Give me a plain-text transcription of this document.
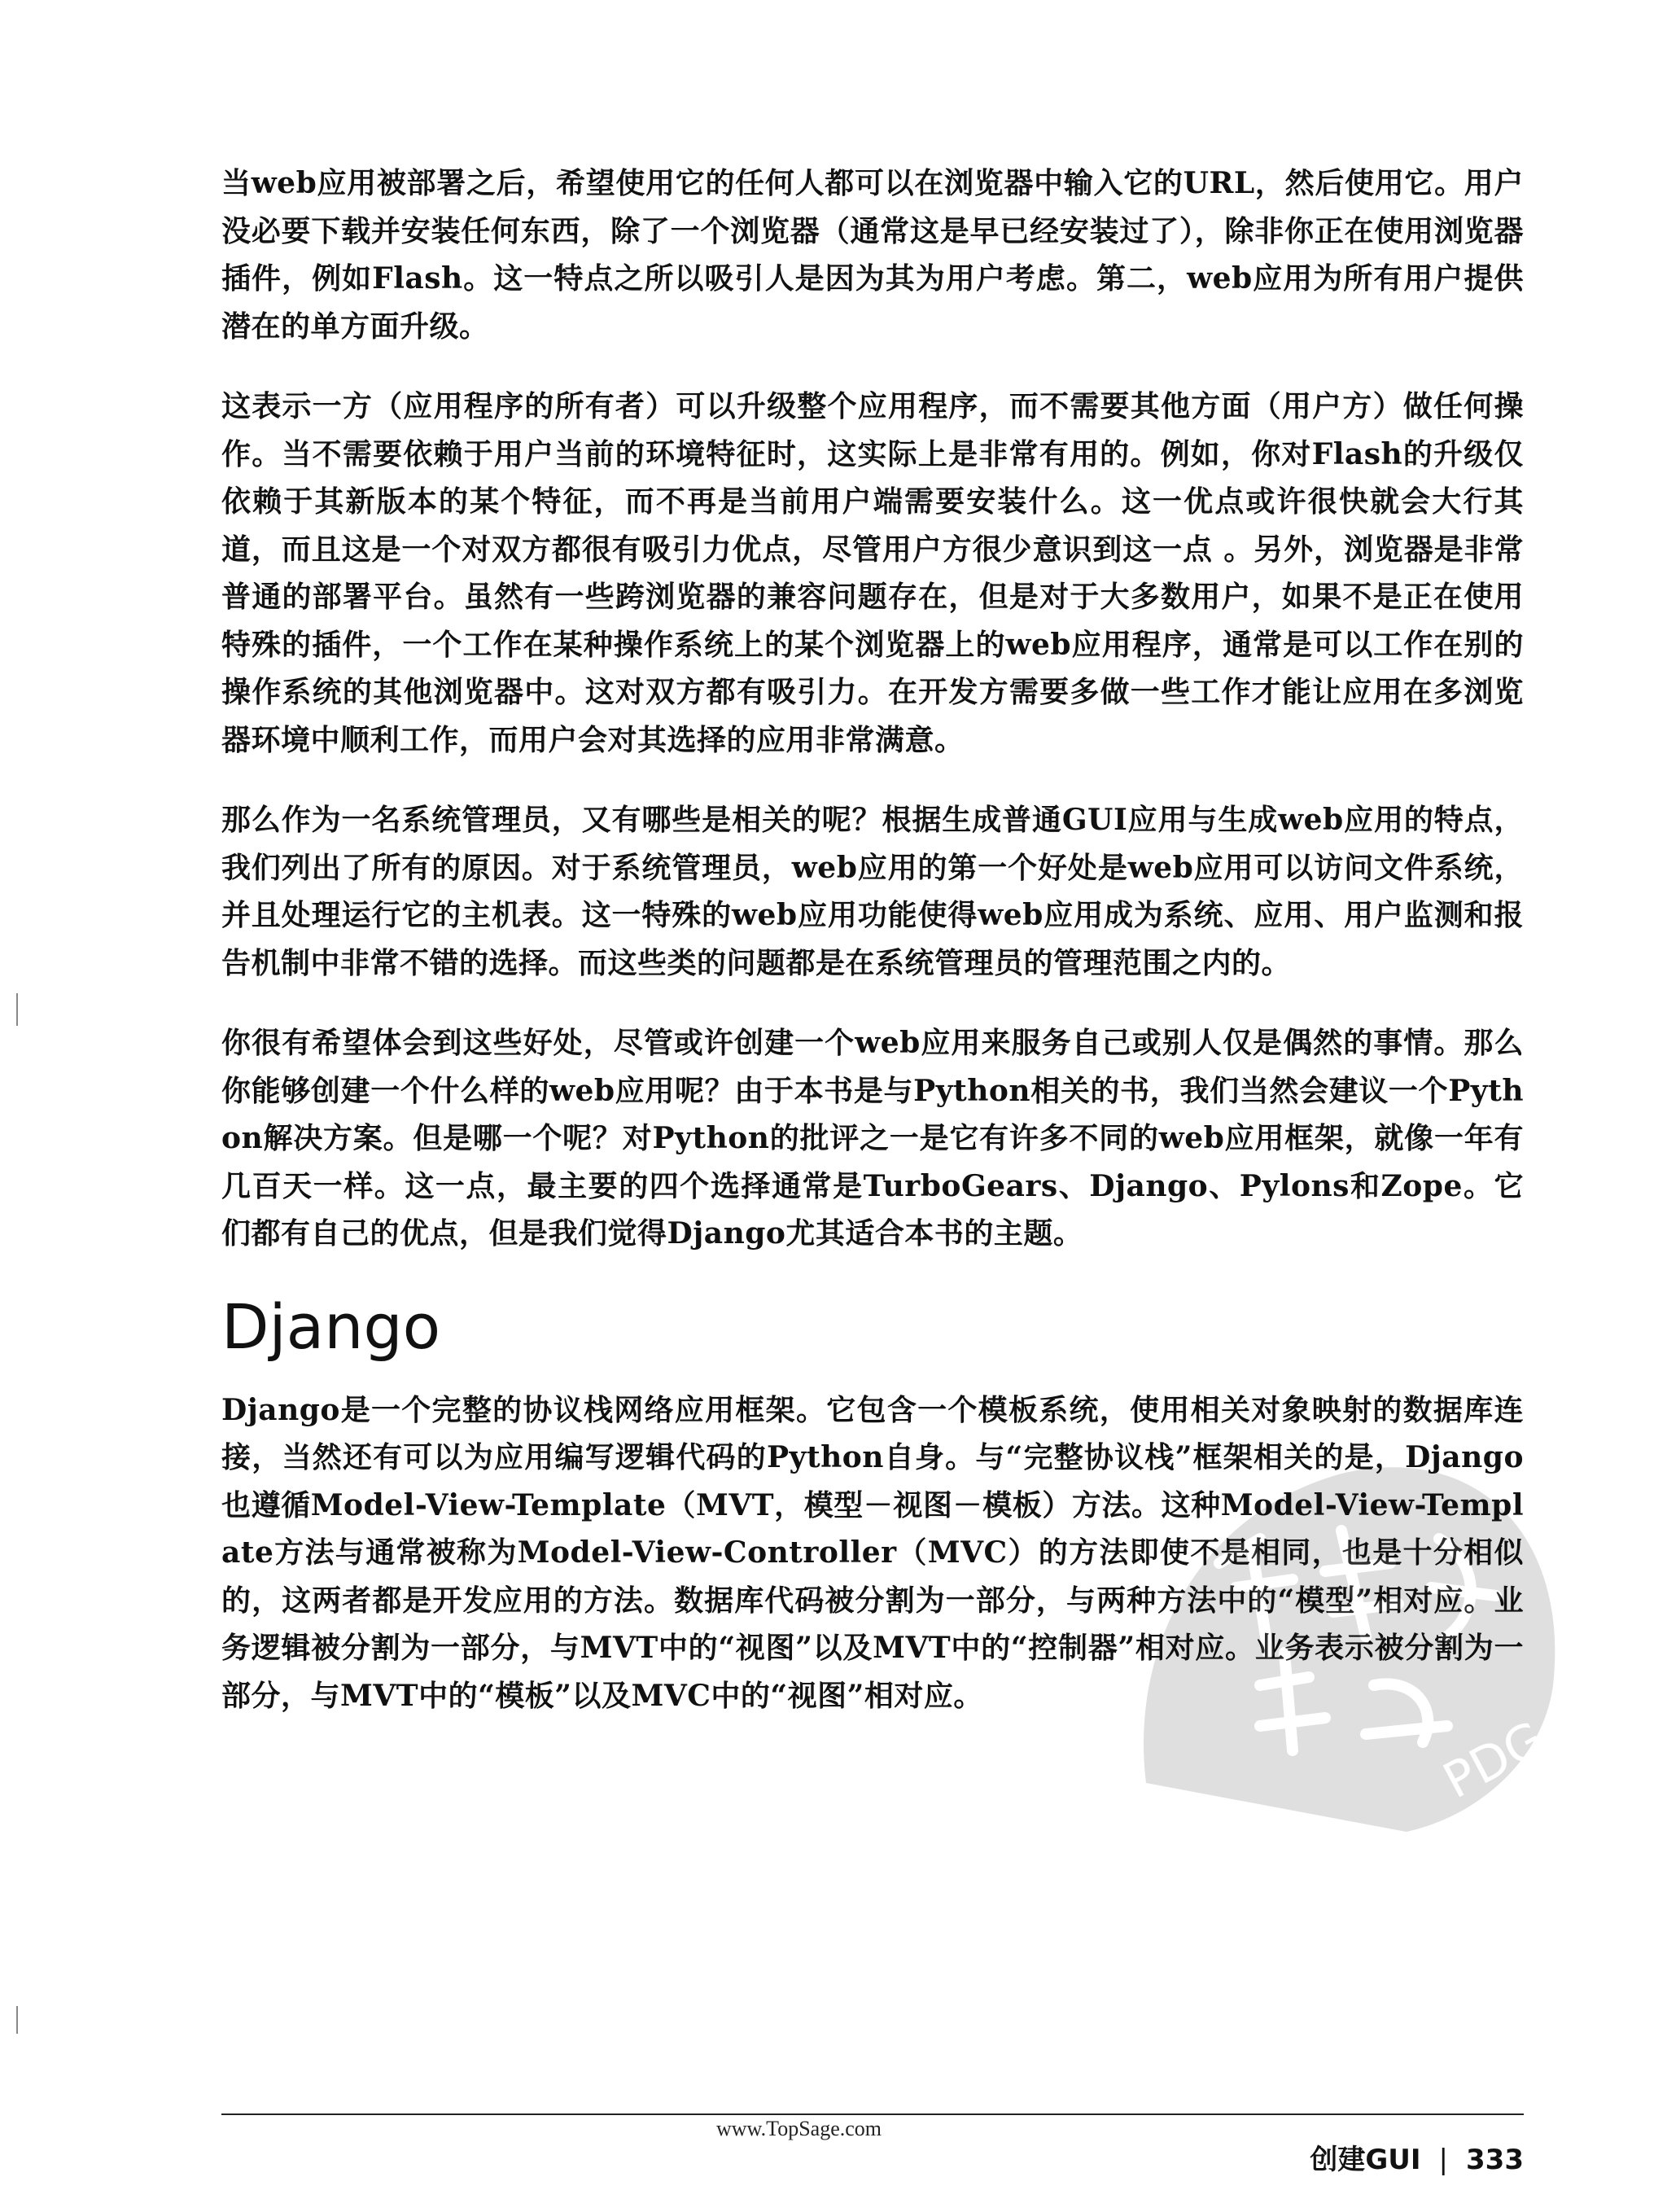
当web应用被部署之后，希望使用它的任何人都可以在浏览器中输入它的URL，然后使用它。用户没必要下载并安装任何东西，除了一个浏览器（通常这是早已经安装过了），除非你正在使用浏览器插件，例如Flash。这一特点之所以吸引人是因为其为用户考虑。第二，web应用为所有用户提供潜在的单方面升级。

这表示一方（应用程序的所有者）可以升级整个应用程序，而不需要其他方面（用户方）做任何操作。当不需要依赖于用户当前的环境特征时，这实际上是非常有用的。例如，你对Flash的升级仅依赖于其新版本的某个特征，而不再是当前用户端需要安装什么。这一优点或许很快就会大行其道，而且这是一个对双方都很有吸引力优点，尽管用户方很少意识到这一点 。另外，浏览器是非常普通的部署平台。虽然有一些跨浏览器的兼容问题存在，但是对于大多数用户，如果不是正在使用特殊的插件，一个工作在某种操作系统上的某个浏览器上的web应用程序，通常是可以工作在别的操作系统的其他浏览器中。这对双方都有吸引力。在开发方需要多做一些工作才能让应用在多浏览器环境中顺利工作，而用户会对其选择的应用非常满意。

那么作为一名系统管理员，又有哪些是相关的呢？根据生成普通GUI应用与生成web应用的特点，我们列出了所有的原因。对于系统管理员，web应用的第一个好处是web应用可以访问文件系统，并且处理运行它的主机表。这一特殊的web应用功能使得web应用成为系统、应用、用户监测和报告机制中非常不错的选择。而这些类的问题都是在系统管理员的管理范围之内的。

你很有希望体会到这些好处，尽管或许创建一个web应用来服务自己或别人仅是偶然的事情。那么你能够创建一个什么样的web应用呢？由于本书是与Python相关的书，我们当然会建议一个Python解决方案。但是哪一个呢？对Python的批评之一是它有许多不同的web应用框架，就像一年有几百天一样。这一点，最主要的四个选择通常是TurboGears、Django、Pylons和Zope。它们都有自己的优点，但是我们觉得Django尤其适合本书的主题。

Django

Django是一个完整的协议栈网络应用框架。它包含一个模板系统，使用相关对象映射的数据库连接，当然还有可以为应用编写逻辑代码的Python自身。与“完整协议栈”框架相关的是，Django也遵循Model-View-Template（MVT，模型－视图－模板）方法。这种Model-View-Template方法与通常被称为Model-View-Controller（MVC）的方法即使不是相同，也是十分相似的，这两者都是开发应用的方法。数据库代码被分割为一部分，与两种方法中的“模型”相对应。业务逻辑被分割为一部分，与MVT中的“视图”以及MVT中的“控制器”相对应。业务表示被分割为一部分，与MVT中的“模板”以及MVC中的“视图”相对应。

PDG
www.TopSage.com
创建GUI | 333
